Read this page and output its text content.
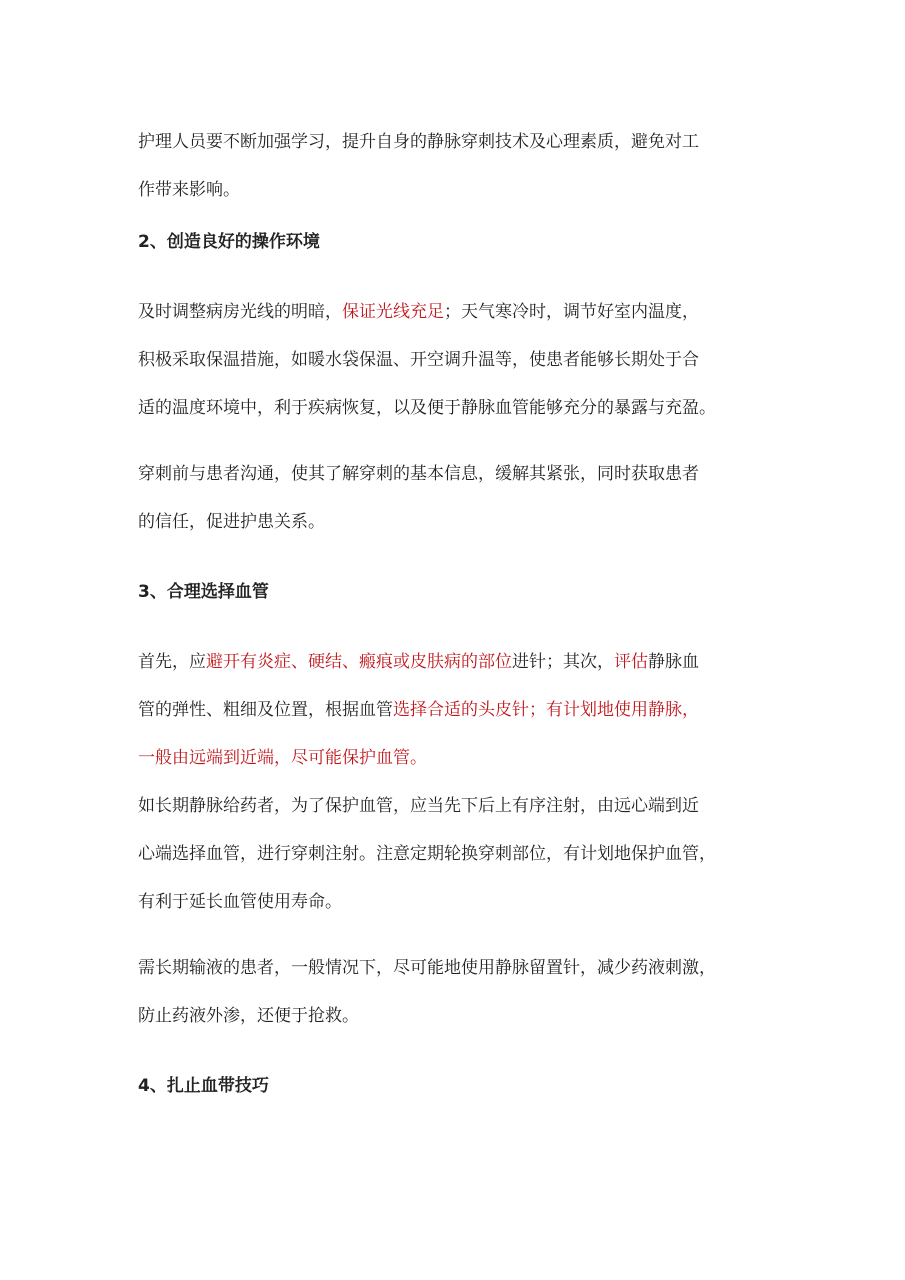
护理人员要不断加强学习，提升自身的静脉穿刺技术及心理素质，避免对工
作带来影响。

2、创造良好的操作环境

及时调整病房光线的明暗，保证光线充足；天气寒冷时，调节好室内温度，
积极采取保温措施，如暖水袋保温、开空调升温等，使患者能够长期处于合
适的温度环境中，利于疾病恢复，以及便于静脉血管能够充分的暴露与充盈。

穿刺前与患者沟通，使其了解穿刺的基本信息，缓解其紧张，同时获取患者
的信任，促进护患关系。

3、合理选择血管

首先，应避开有炎症、硬结、瘢痕或皮肤病的部位进针；其次，评估静脉血
管的弹性、粗细及位置，根据血管选择合适的头皮针；有计划地使用静脉，
一般由远端到近端，尽可能保护血管。

如长期静脉给药者，为了保护血管，应当先下后上有序注射，由远心端到近
心端选择血管，进行穿刺注射。注意定期轮换穿刺部位，有计划地保护血管，
有利于延长血管使用寿命。

需长期输液的患者，一般情况下，尽可能地使用静脉留置针，减少药液刺激，
防止药液外渗，还便于抢救。

4、扎止血带技巧
